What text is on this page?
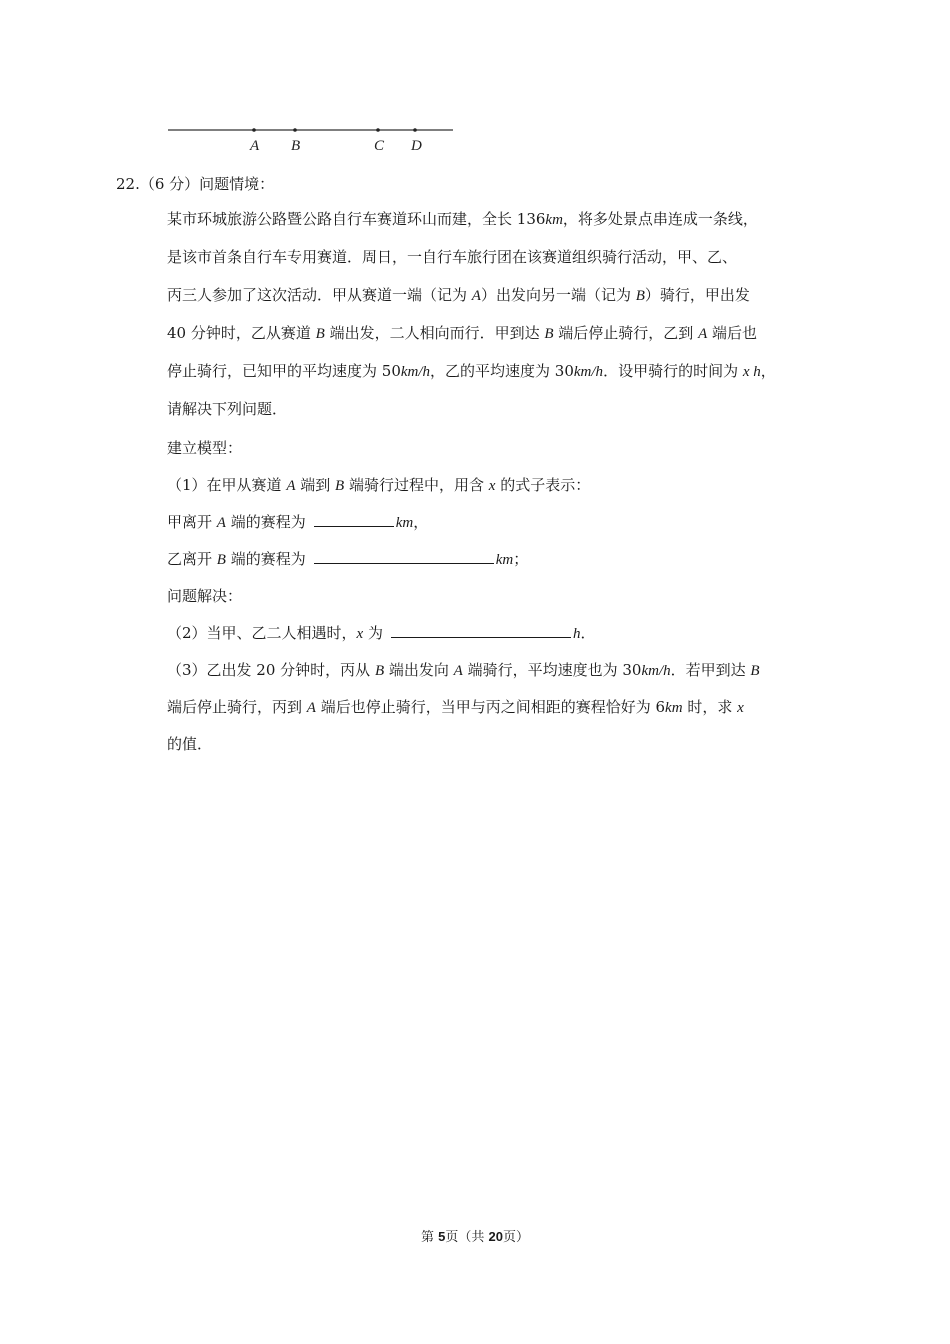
A B	C D
22.（6 分）问题情境：
某市环城旅游公路暨公路自行车赛道环山而建，全长 136km，将多处景点串连成一条线，
是该市首条自行车专用赛道．周日，一自行车旅行团在该赛道组织骑行活动，甲、乙、
丙三人参加了这次活动．甲从赛道一端（记为 A）出发向另一端（记为 B）骑行，甲出发
40 分钟时，乙从赛道 B 端出发，二人相向而行．甲到达 B 端后停止骑行，乙到 A 端后也
停止骑行，已知甲的平均速度为 50km/h，乙的平均速度为 30km/h．设甲骑行的时间为 x h，
请解决下列问题．
建立模型：
（1）在甲从赛道 A 端到 B 端骑行过程中，用含 x 的式子表示：
甲离开 A 端的赛程为	km，
乙离开 B 端的赛程为	km；
问题解决：
（2）当甲、乙二人相遇时，x 为	h．
（3）乙出发 20 分钟时，丙从 B 端出发向 A 端骑行，平均速度也为 30km/h．若甲到达 B
端后停止骑行，丙到 A 端后也停止骑行，当甲与丙之间相距的赛程恰好为 6km 时，求 x
的值．
第 5页（共 20页）
